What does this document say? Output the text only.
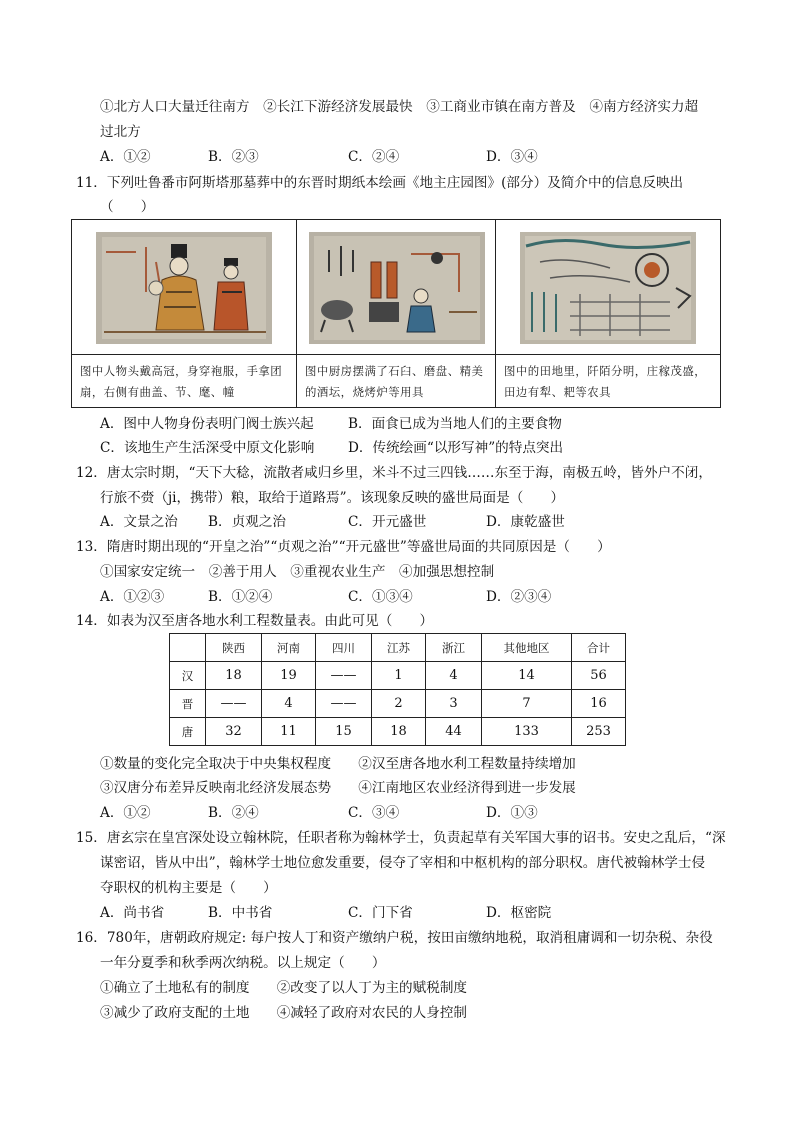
①北方人口大量迁往南方　②长江下游经济发展最快　③工商业市镇在南方普及　④南方经济实力超
过北方
A．①②	B．②③	C．②④	D．③④
11．下列吐鲁番市阿斯塔那墓葬中的东晋时期纸本绘画《地主庄园图》(部分）及简介中的信息反映出
（　　）
图中人物头戴高冠，身穿袍服，手拿团扇，右侧有曲盖、节、麾、幢
图中厨房摆满了石臼、磨盘、精美的酒坛，烧烤炉等用具
图中的田地里，阡陌分明，庄稼茂盛，田边有犁、耙等农具
A．图中人物身份表明门阀士族兴起	B．面食已成为当地人们的主要食物
C．该地生产生活深受中原文化影响 D．传统绘画“以形写神”的特点突出
12．唐太宗时期，“天下大稔，流散者咸归乡里，米斗不过三四钱……东至于海，南极五岭，皆外户不闭，
行旅不赍（ji，携带）粮，取给于道路焉”。该现象反映的盛世局面是（　　）
A．文景之治 B．贞观之治	C．开元盛世	D．康乾盛世
13．隋唐时期出现的“开皇之治”“贞观之治”“开元盛世”等盛世局面的共同原因是（　　）
①国家安定统一　②善于用人　③重视农业生产　④加强思想控制
A．①②③	B．①②④	C．①③④	D．②③④
14．如表为汉至唐各地水利工程数量表。由此可见（　　）
	陕西	河南	四川	江苏	浙江	其他地区	合计
汉	18	19	——	1	4	14	56
晋	——	4	——	2	3	7	16
唐	32	11	15	18	44	133	253
①数量的变化完全取决于中央集权程度　　②汉至唐各地水利工程数量持续增加
③汉唐分布差异反映南北经济发展态势　　④江南地区农业经济得到进一步发展
A．①②	B．②④	C．③④	D．①③
15．唐玄宗在皇宫深处设立翰林院，任职者称为翰林学士，负责起草有关军国大事的诏书。安史之乱后，“深
谋密诏，皆从中出”，翰林学士地位愈发重要，侵夺了宰相和中枢机构的部分职权。唐代被翰林学士侵
夺职权的机构主要是（　　）
A．尚书省	B．中书省	C．门下省	D．枢密院
16．780年，唐朝政府规定: 每户按人丁和资产缴纳户税，按田亩缴纳地税，取消租庸调和一切杂税、杂役
一年分夏季和秋季两次纳税。以上规定（　　）
①确立了土地私有的制度　　②改变了以人丁为主的赋税制度
③减少了政府支配的土地　　④减轻了政府对农民的人身控制
